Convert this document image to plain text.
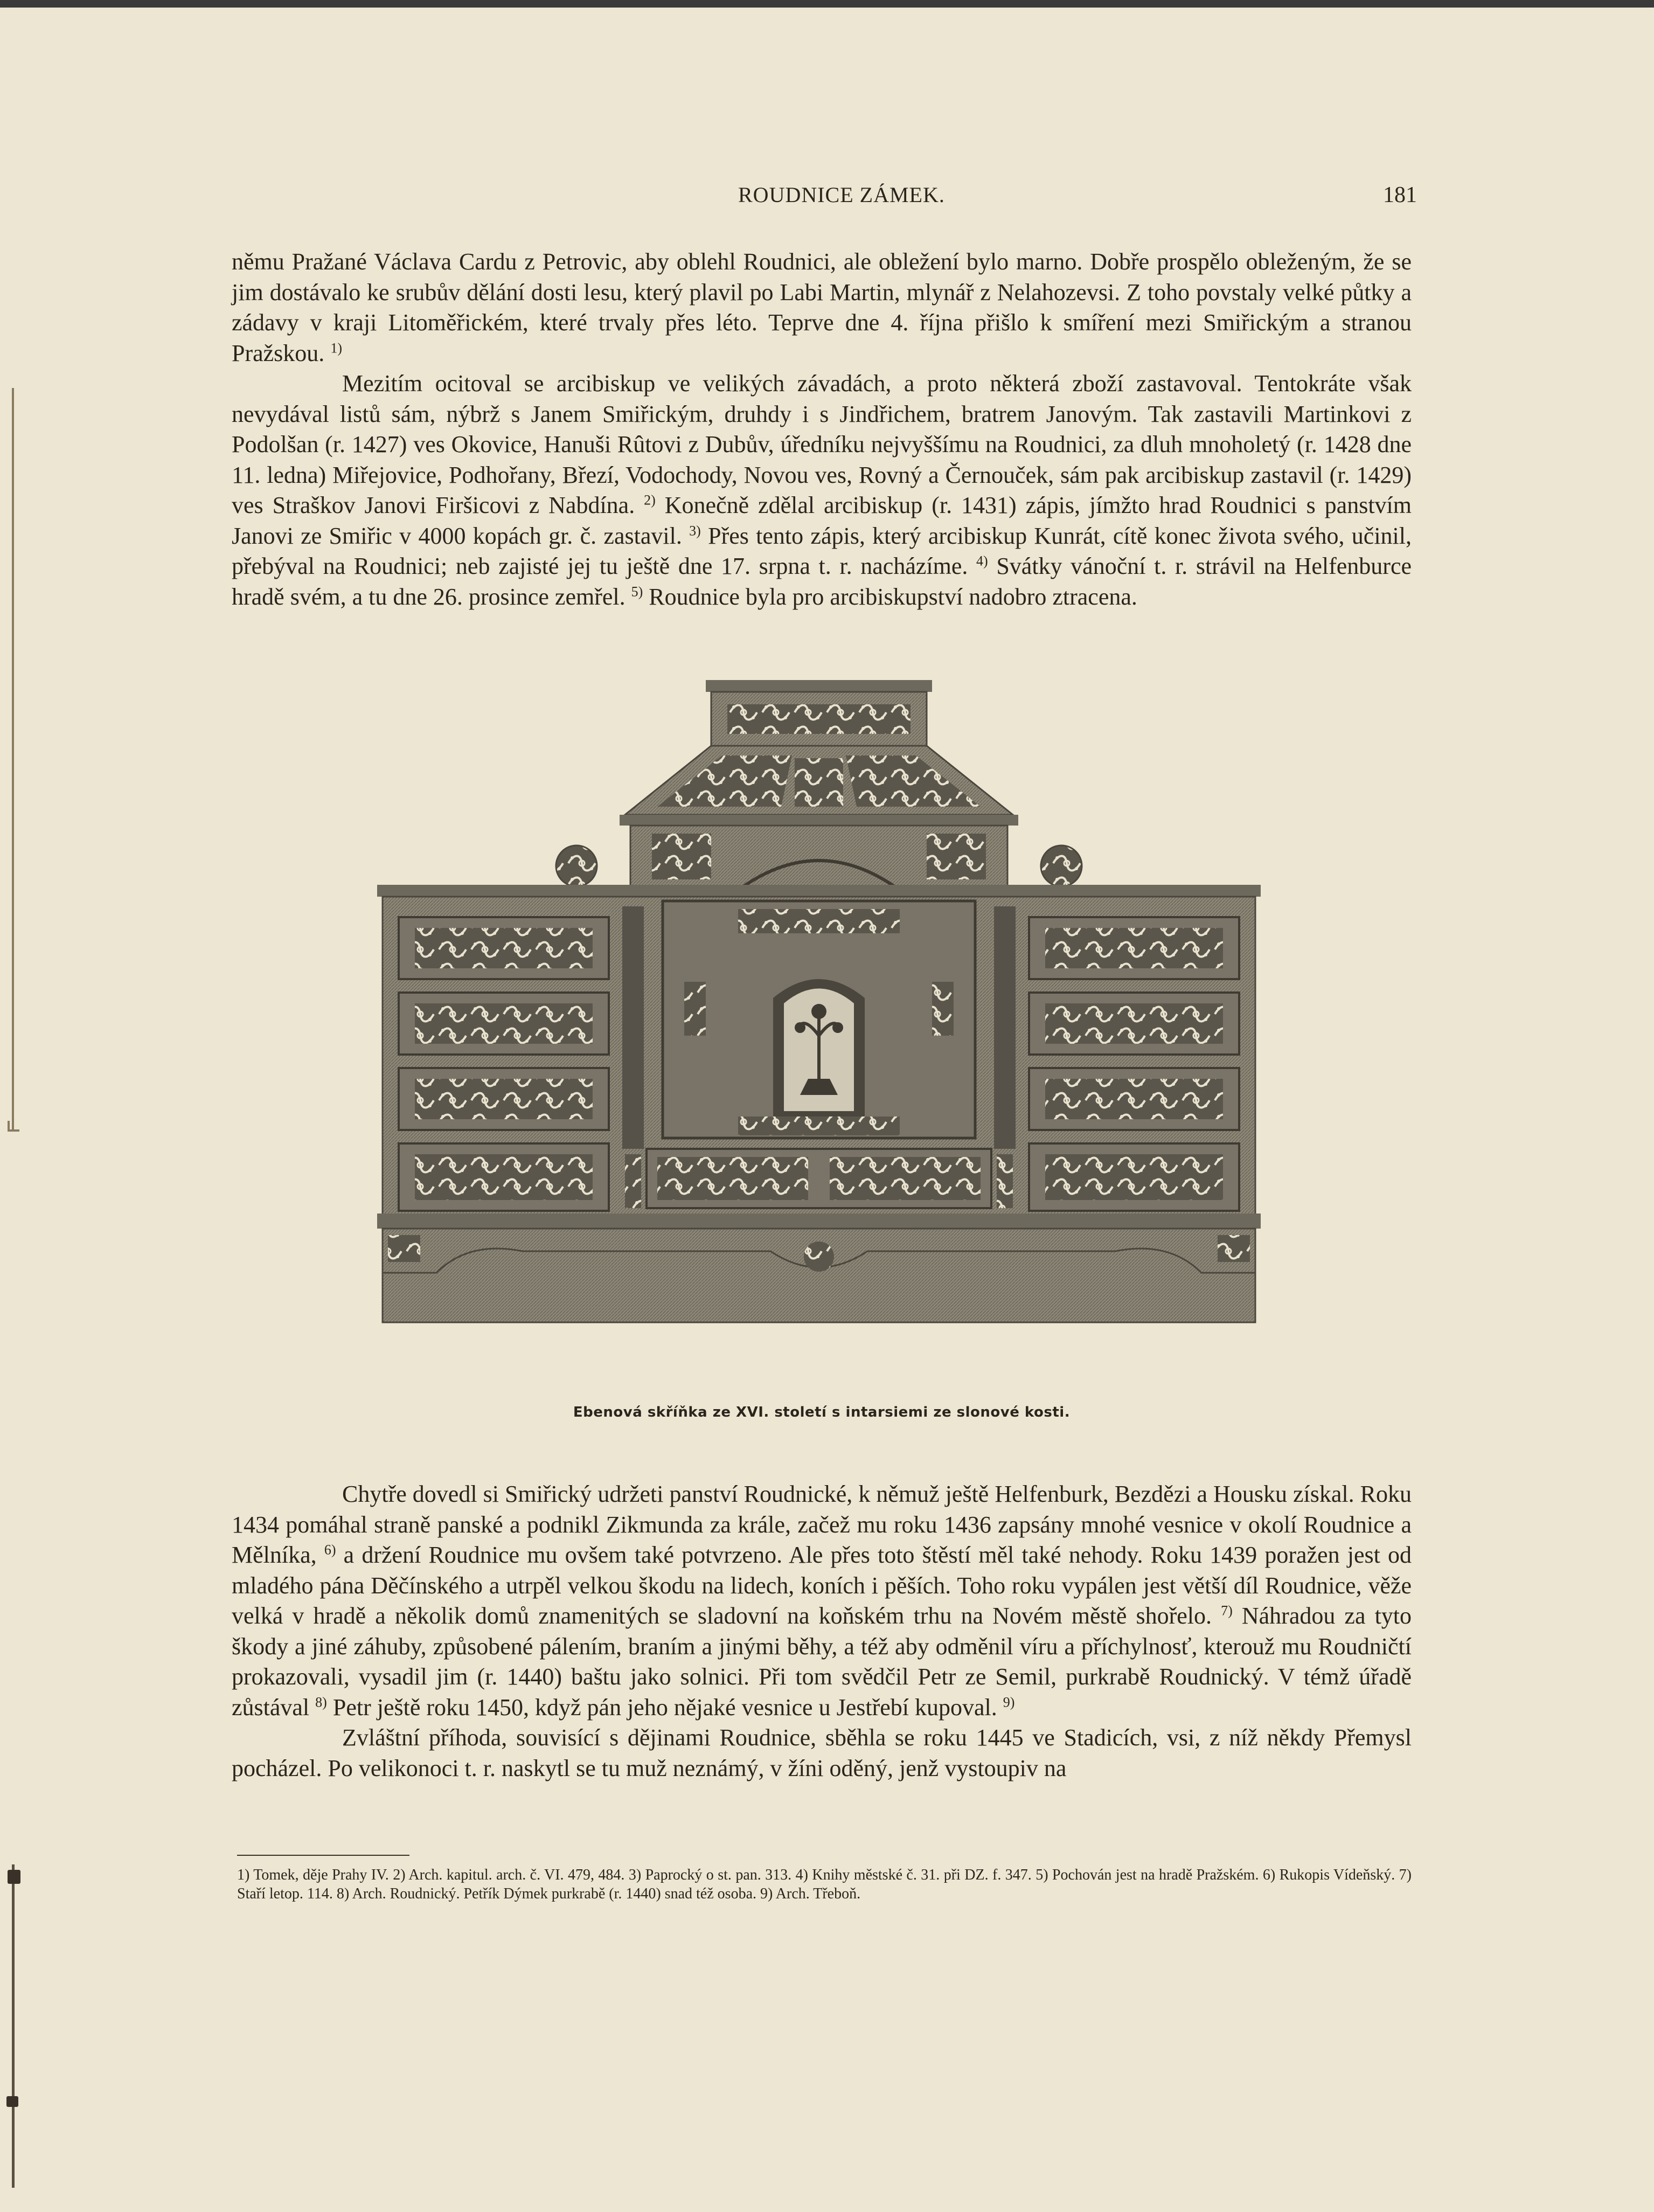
ROUDNICE ZÁMEK.	181

němu Pražané Václava Cardu z Petrovic, aby oblehl Roudnici, ale obležení bylo marno. Dobře prospělo obleženým, že se jim dostávalo ke srubův dělání dosti lesu, který plavil po Labi Martin, mlynář z Nelahozevsi. Z toho povstaly velké půtky a zádavy v kraji Litoměřickém, které trvaly přes léto. Teprve dne 4. října přišlo k smíření mezi Smiřickým a stranou Pražskou. $^{1)}$

Mezitím ocitoval se arcibiskup ve velikých závadách, a proto některá zboží zastavoval. Tentokráte však nevydával listů sám, nýbrž s Janem Smiřickým, druhdy i s Jindřichem, bratrem Janovým. Tak zastavili Martinkovi z Podolšan (r. 1427) ves Okovice, Hanuši Rûtovi z Dubův, úředníku nejvyššímu na Roudnici, za dluh mnoholetý (r. 1428 dne 11. ledna) Miřejovice, Podhořany, Březí, Vodochody, Novou ves, Rovný a Černouček, sám pak arcibiskup zastavil (r. 1429) ves Straškov Janovi Firšicovi z Nabdína. $^{2)}$ Konečně zdělal arcibiskup (r. 1431) zápis, jímžto hrad Roudnici s panstvím Janovi ze Smiřic v 4000 kopách gr. č. zastavil. $^{3)}$ Přes tento zápis, který arcibiskup Kunrát, cítě konec života svého, učinil, přebýval na Roudnici; neb zajisté jej tu ještě dne 17. srpna t. r. nacházíme. $^{4)}$ Svátky vánoční t. r. strávil na Helfenburce hradě svém, a tu dne 26. prosince zemřel. $^{5)}$ Roudnice byla pro arcibiskupství nadobro ztracena.

Ebenová skříňka ze XVI. století s intarsiemi ze slonové kosti.

Chytře dovedl si Smiřický udržeti panství Roudnické, k němuž ještě Helfenburk, Bezdězi a Housku získal. Roku 1434 pomáhal straně panské a podnikl Zikmunda za krále, začež mu roku 1436 zapsány mnohé vesnice v okolí Roudnice a Mělníka, $^{6)}$ a držení Roudnice mu ovšem také potvrzeno. Ale přes toto štěstí měl také nehody. Roku 1439 poražen jest od mladého pána Děčínského a utrpěl velkou škodu na lidech, koních i pěších. Toho roku vypálen jest větší díl Roudnice, věže velká v hradě a několik domů znamenitých se sladovní na koňském trhu na Novém městě shořelo. $^{7)}$ Náhradou za tyto škody a jiné záhuby, způsobené pálením, braním a jinými běhy, a též aby odměnil víru a příchylnosť, kterouž mu Roudničtí prokazovali, vysadil jim (r. 1440) baštu jako solnici. Při tom svědčil Petr ze Semil, purkrabě Roudnický. V témž úřadě zůstával $^{8)}$ Petr ještě roku 1450, když pán jeho nějaké vesnice u Jestřebí kupoval. $^{9)}$

Zvláštní příhoda, souvisící s dějinami Roudnice, sběhla se roku 1445 ve Stadicích, vsi, z níž někdy Přemysl pocházel. Po velikonoci t. r. naskytl se tu muž neznámý, v žíni oděný, jenž vystoupiv na

1) Tomek, děje Prahy IV. 2) Arch. kapitul. arch. č. VI. 479, 484. 3) Paprocký o st. pan. 313. 4) Knihy městské č. 31. při DZ. f. 347. 5) Pochován jest na hradě Pražském. 6) Rukopis Vídeňský. 7) Staří letop. 114. 8) Arch. Roudnický. Petřík Dýmek purkrabě (r. 1440) snad též osoba. 9) Arch. Třeboň.
